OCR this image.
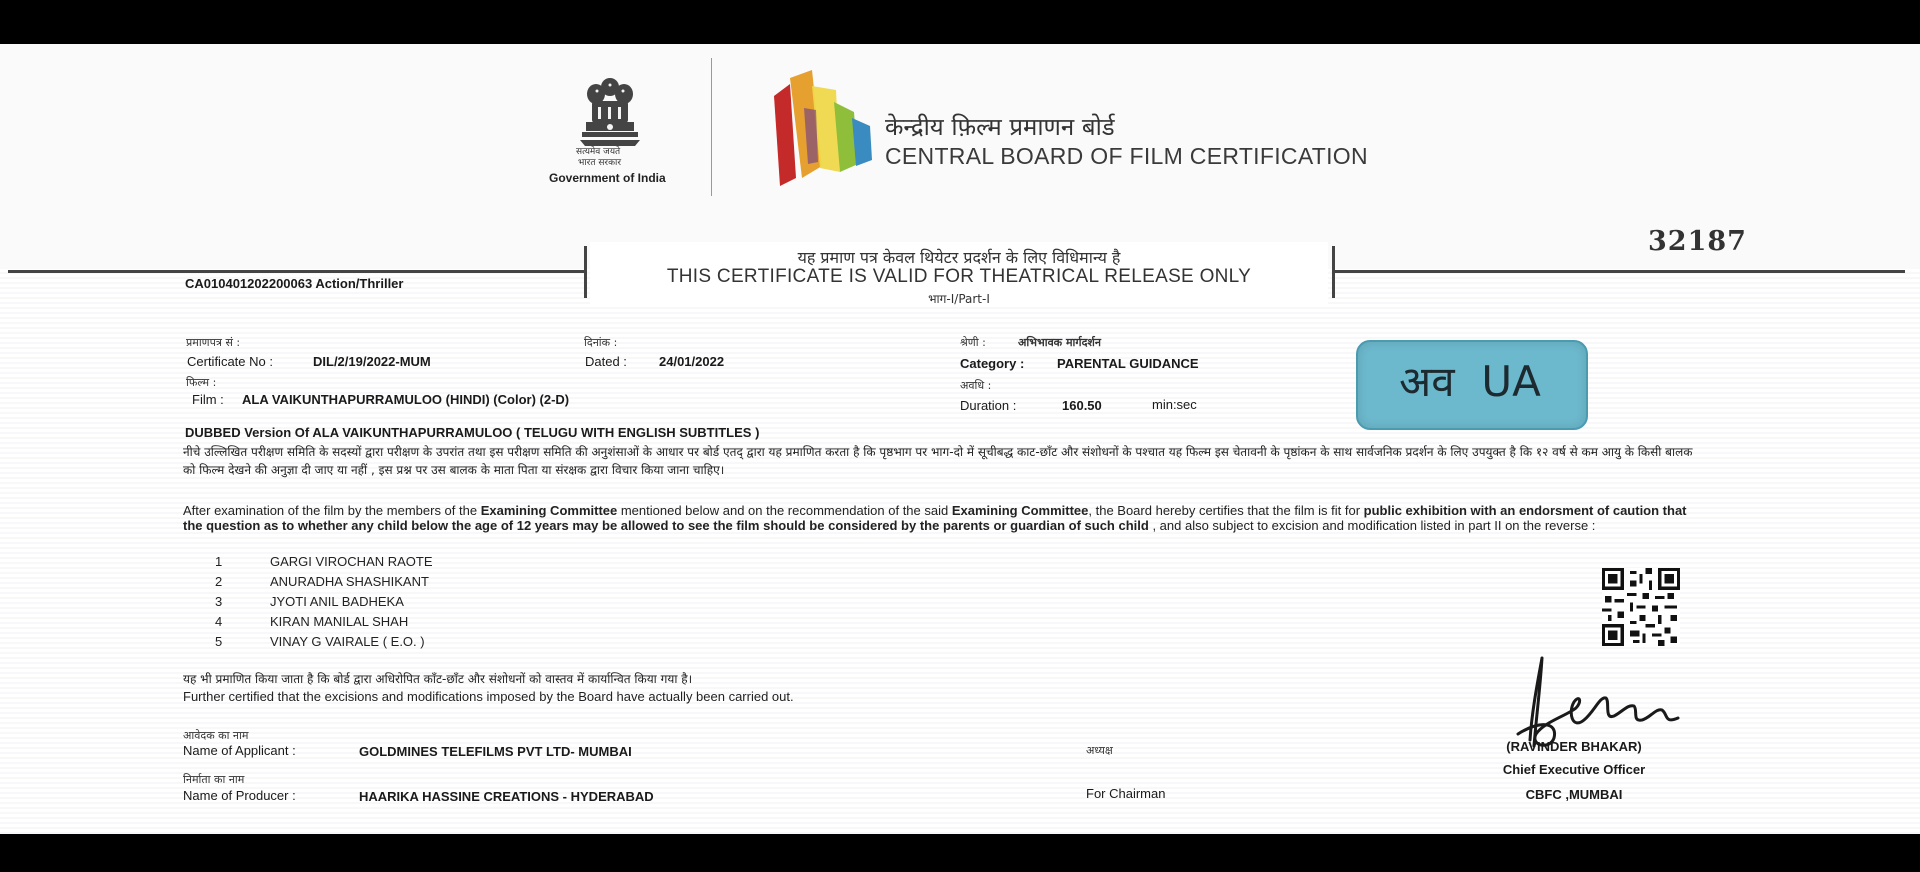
सत्यमेव जयते
भारत सरकार
Government of India
केन्द्रीय फ़िल्म प्रमाणन बोर्ड
CENTRAL BOARD OF FILM CERTIFICATION
32187
यह प्रमाण पत्र केवल थियेटर प्रदर्शन के लिए विधिमान्य है
THIS CERTIFICATE IS VALID FOR THEATRICAL RELEASE ONLY
भाग-I/Part-I
CA010401202200063 Action/Thriller
प्रमाणपत्र सं :
Certificate No :	DIL/2/19/2022-MUM
दिनांक :
Dated : 24/01/2022
श्रेणी :	अभिभावक मार्गदर्शन
Category :	PARENTAL GUIDANCE
फिल्म :
Film : ALA VAIKUNTHAPURRAMULOO (HINDI) (Color) (2-D)
अवधि :
Duration :	160.50	min:sec	अव UA
DUBBED Version Of ALA VAIKUNTHAPURRAMULOO ( TELUGU WITH ENGLISH SUBTITLES )
नीचे उल्लिखित परीक्षण समिति के सदस्यों द्वारा परीक्षण के उपरांत तथा इस परीक्षण समिति की अनुशंसाओं के आधार पर बोर्ड एतद् द्वारा यह प्रमाणित करता है कि पृष्ठभाग पर भाग-दो में सूचीबद्ध काट-छाँट और संशोधनों के पश्चात यह फिल्म इस चेतावनी के पृष्ठांकन के साथ सार्वजनिक प्रदर्शन के लिए उपयुक्त है कि १२ वर्ष से कम आयु के किसी बालक को फिल्म देखने की अनुज्ञा दी जाए या नहीं , इस प्रश्न पर उस बालक के माता पिता या संरक्षक द्वारा विचार किया जाना चाहिए।
After examination of the film by the members of the Examining Committee mentioned below and on the recommendation of the said Examining Committee, the Board hereby certifies that the film is fit for public exhibition with an endorsment of caution that the question as to whether any child below the age of 12 years may be allowed to see the film should be considered by the parents or guardian of such child , and also subject to excision and modification listed in part II on the reverse :
1	GARGI VIROCHAN RAOTE
2	ANURADHA SHASHIKANT
3	JYOTI ANIL BADHEKA
4	KIRAN MANILAL SHAH
5	VINAY G VAIRALE ( E.O. )
यह भी प्रमाणित किया जाता है कि बोर्ड द्वारा अधिरोपित काँट-छाँट और संशोधनों को वास्तव में कार्यान्वित किया गया है।
Further certified that the excisions and modifications imposed by the Board have actually been carried out.
आवेदक का नाम
Name of Applicant :	GOLDMINES TELEFILMS PVT LTD- MUMBAI
निर्माता का नाम
Name of Producer :	HAARIKA HASSINE CREATIONS - HYDERABAD
अध्यक्ष
For Chairman
(RAVINDER BHAKAR)
Chief Executive Officer
CBFC ,MUMBAI
